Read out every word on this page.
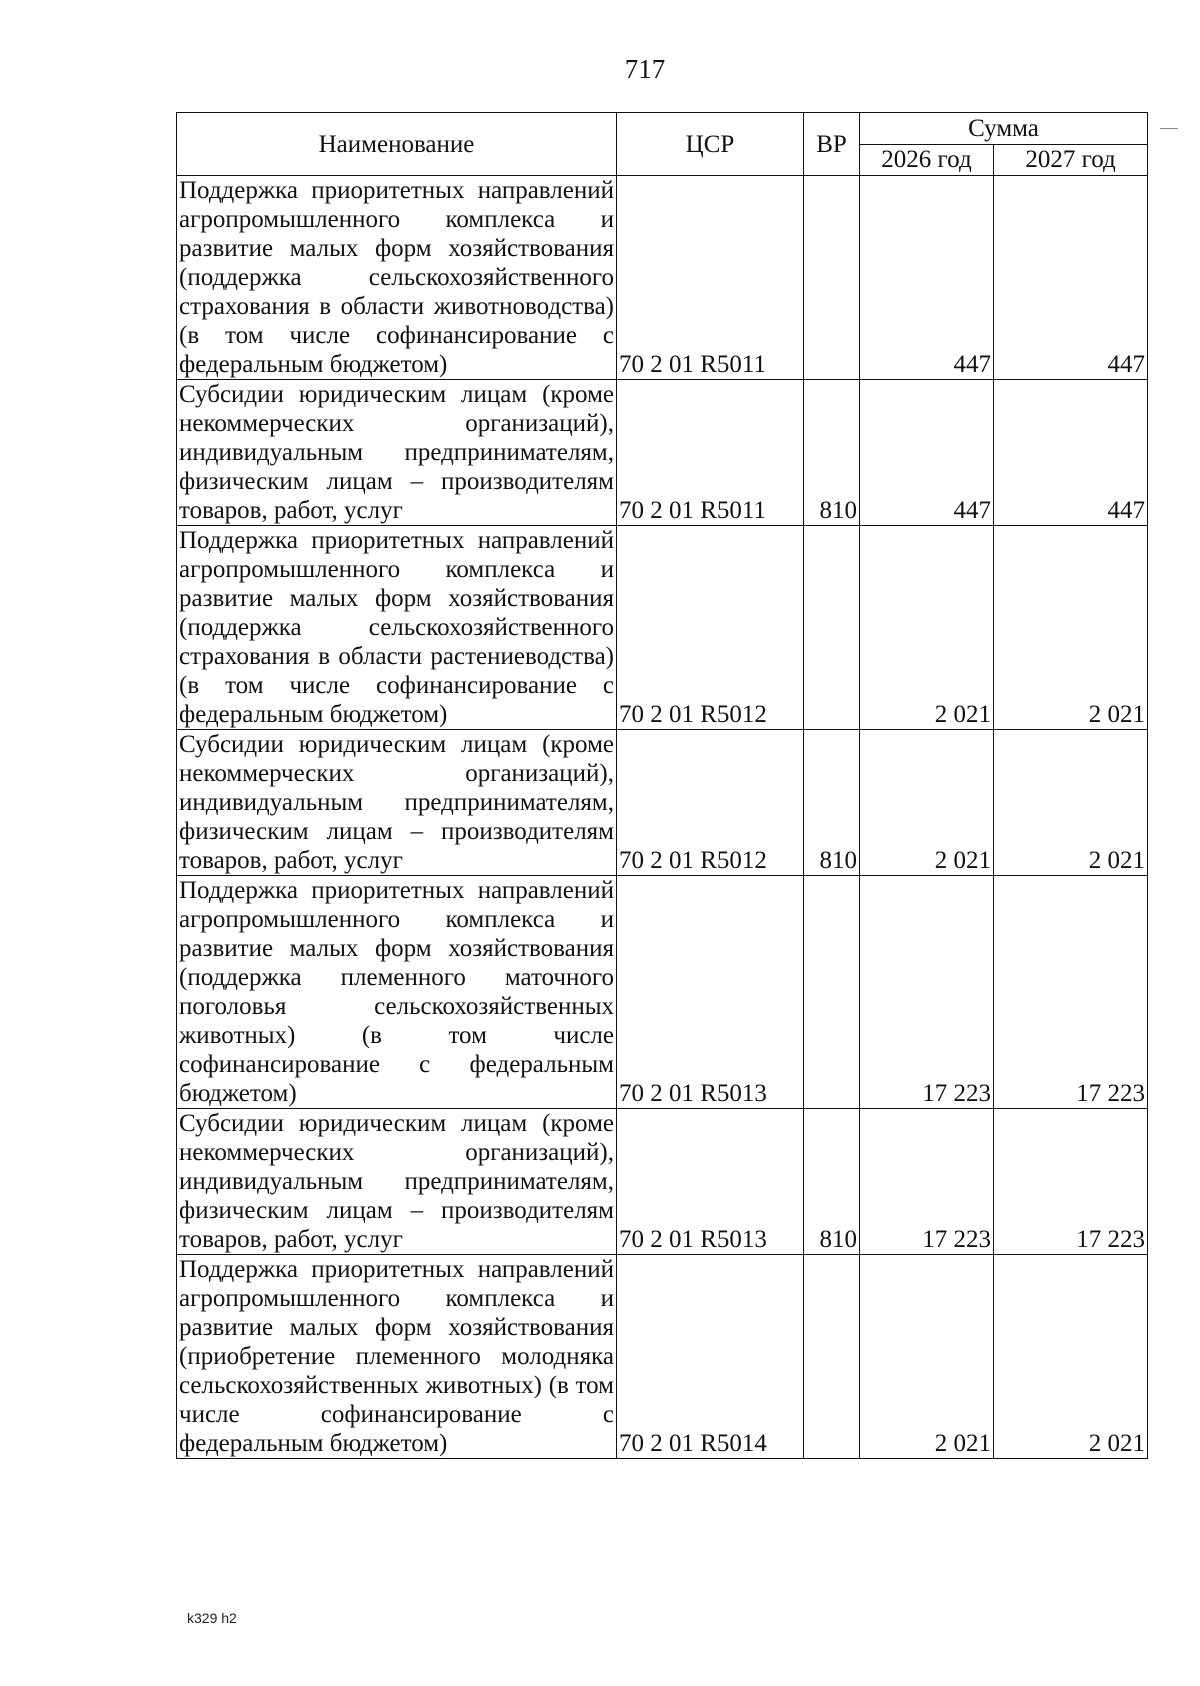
717
Наименование	ЦСР	ВР	Сумма	
			2026 год	2027 год
Поддержка приоритетных направлений агропромышленного комплекса и развитие малых форм хозяйствования (поддержка сельскохозяйственного страхования в области животноводства) (в том числе софинансирование с федеральным бюджетом)	70 2 01 R5011		447	447
Субсидии юридическим лицам (кроме некоммерческих организаций), индивидуальным предпринимателям, физическим лицам – производителям товаров, работ, услуг	70 2 01 R5011	810	447	447
Поддержка приоритетных направлений агропромышленного комплекса и развитие малых форм хозяйствования (поддержка сельскохозяйственного страхования в области растениеводства) (в том числе софинансирование с федеральным бюджетом)	70 2 01 R5012		2 021	2 021
Субсидии юридическим лицам (кроме некоммерческих организаций), индивидуальным предпринимателям, физическим лицам – производителям товаров, работ, услуг	70 2 01 R5012	810	2 021	2 021
Поддержка приоритетных направлений агропромышленного комплекса и развитие малых форм хозяйствования (поддержка племенного маточного поголовья сельскохозяйственных животных) (в том числе софинансирование с федеральным бюджетом)	70 2 01 R5013		17 223	17 223
Субсидии юридическим лицам (кроме некоммерческих организаций), индивидуальным предпринимателям, физическим лицам – производителям товаров, работ, услуг	70 2 01 R5013	810	17 223	17 223
Поддержка приоритетных направлений агропромышленного комплекса и развитие малых форм хозяйствования (приобретение племенного молодняка сельскохозяйственных животных) (в том числе софинансирование с федеральным бюджетом)	70 2 01 R5014		2 021	2 021
k329 h2
